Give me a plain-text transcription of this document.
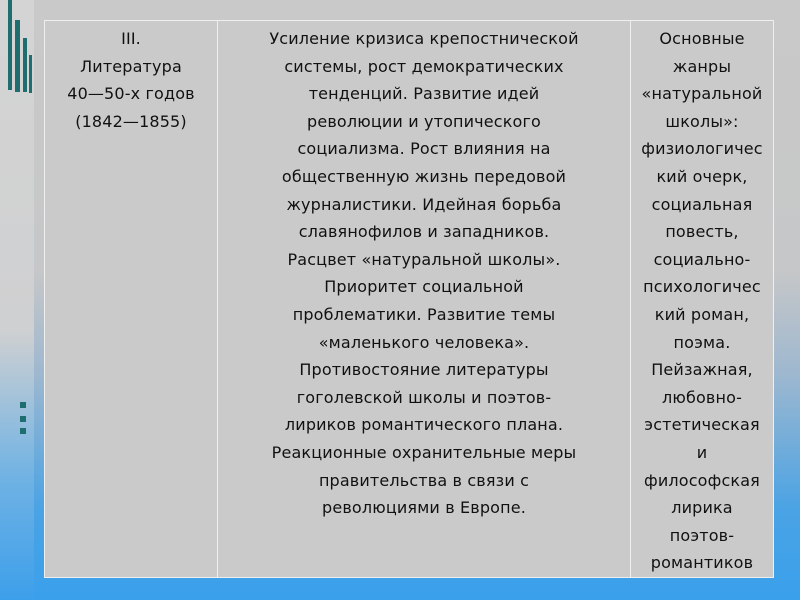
III.
Литература
40—50-х годов
(1842—1855)

Усиление кризиса крепостнической
системы, рост демократических
тенденций. Развитие идей
революции и утопического
социализма. Рост влияния на
общественную жизнь передовой
журналистики. Идейная борьба
славянофилов и западников.
Расцвет «натуральной школы».
Приоритет социальной
проблематики. Развитие темы
«маленького человека».
Противостояние литературы
гоголевской школы и поэтов-
лириков романтического плана.
Реакционные охранительные меры
правительства в связи с
революциями в Европе.

Основные
жанры
«натуральной
школы»:
физиологичес
кий очерк,
социальная
повесть,
социально-
психологичес
кий роман,
поэма.
Пейзажная,
любовно-
эстетическая
и
философская
лирика
поэтов-
романтиков
